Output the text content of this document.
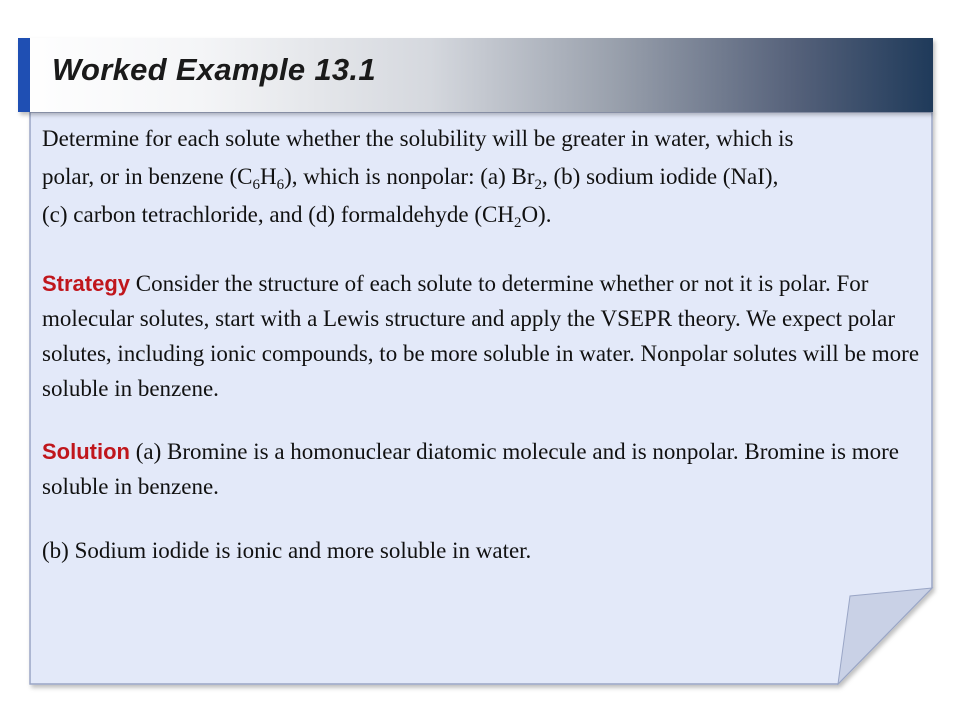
Worked Example 13.1
Determine for each solute whether the solubility will be greater in water, which is
polar, or in benzene $(C_6H_6)$, which is nonpolar: (a) $Br_2$, (b) sodium iodide (NaI),
(c) carbon tetrachloride, and (d) formaldehyde $(CH_2O)$.
Strategy Consider the structure of each solute to determine whether or not it is polar. For molecular solutes, start with a Lewis structure and apply the VSEPR theory. We expect polar solutes, including ionic compounds, to be more soluble in water. Nonpolar solutes will be more soluble in benzene.
Solution (a) Bromine is a homonuclear diatomic molecule and is nonpolar. Bromine is more soluble in benzene.
(b) Sodium iodide is ionic and more soluble in water.
